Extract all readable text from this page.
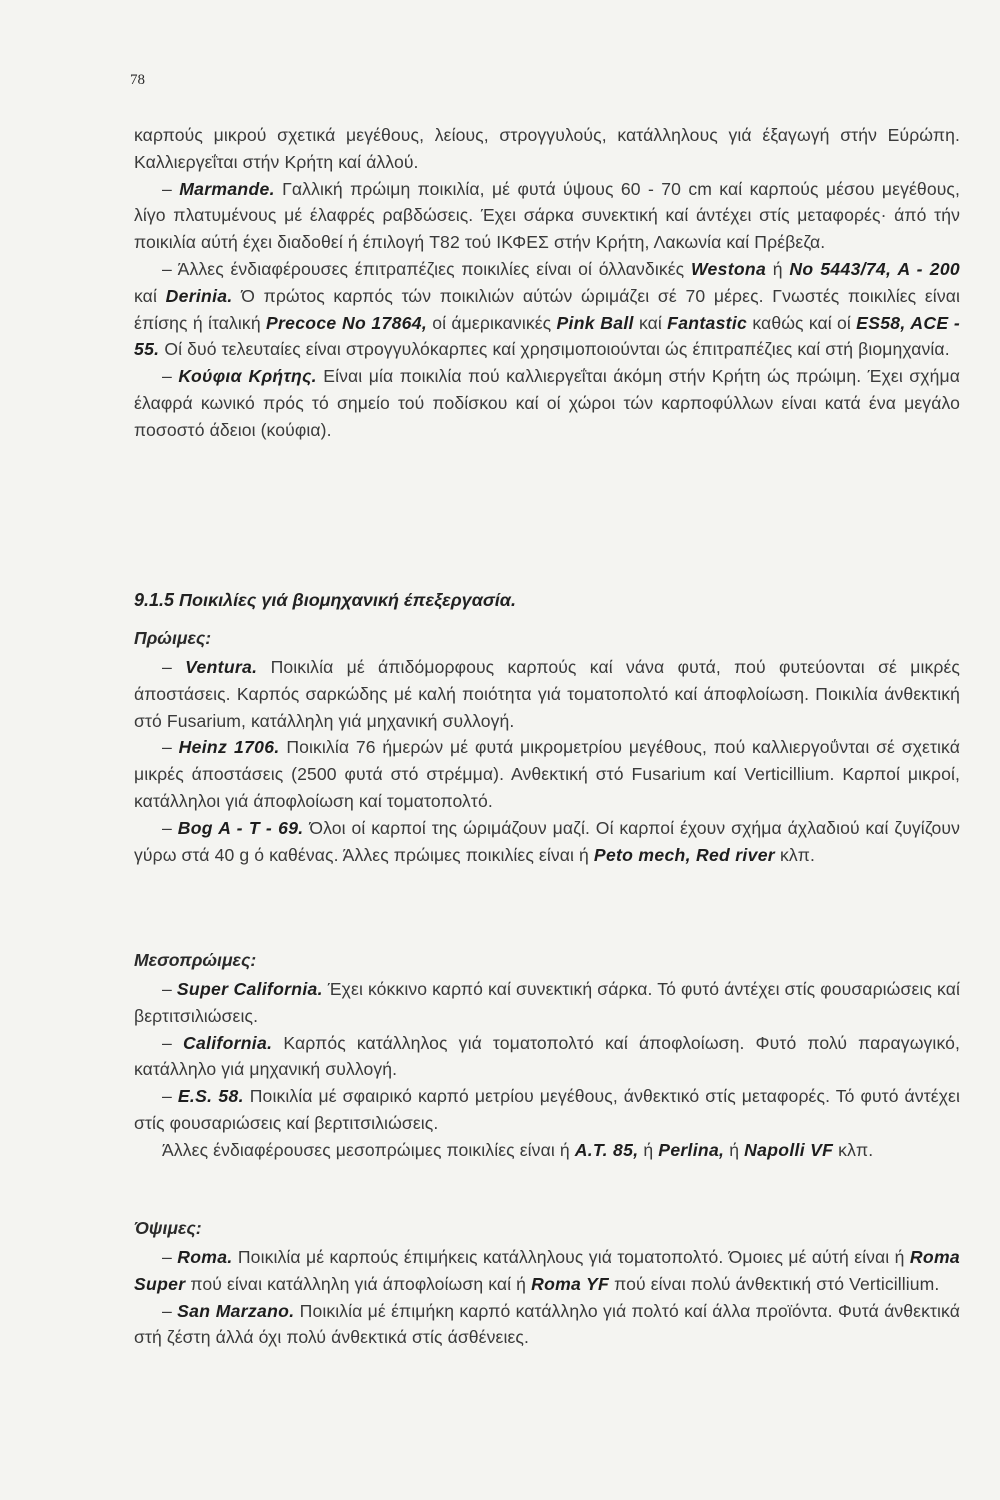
78

καρπούς μικρού σχετικά μεγέθους, λείους, στρογγυλούς, κατάλληλους γιά έξαγωγή στήν Εύρώπη. Καλλιεργεΐται στήν Κρήτη καί άλλού.

– Marmande. Γαλλική πρώιμη ποικιλία, μέ φυτά ύψους 60 - 70 cm καί καρπούς μέσου μεγέθους, λίγο πλατυμένους μέ έλαφρές ραβδώσεις. Έχει σάρκα συνεκτική καί άντέχει στίς μεταφορές· άπό τήν ποικιλία αύτή έχει διαδοθεί ή έπιλογή T82 τού ΙΚΦΕΣ στήν Κρήτη, Λακωνία καί Πρέβεζα.

– Άλλες ένδιαφέρουσες έπιτραπέζιες ποικιλίες είναι οί όλλανδικές Westona ή Νο 5443/74, Α - 200 καί Derinia. Ό πρώτος καρπός τών ποικιλιών αύτών ώριμάζει σέ 70 μέρες. Γνωστές ποικιλίες είναι έπίσης ή ίταλική Precoce No 17864, οί άμερικανικές Pink Ball καί Fantastic καθώς καί οί ES58, ACE - 55. Οί δυό τελευταίες είναι στρογγυλόκαρπες καί χρησιμοποιούνται ώς έπιτραπέζιες καί στή βιομηχανία.

– Κούφια Κρήτης. Είναι μία ποικιλία πού καλλιεργεΐται άκόμη στήν Κρήτη ώς πρώιμη. Έχει σχήμα έλαφρά κωνικό πρός τό σημείο τού ποδίσκου καί οί χώροι τών καρποφύλλων είναι κατά ένα μεγάλο ποσοστό άδειοι (κούφια).

9.1.5 Ποικιλίες γιά βιομηχανική έπεξεργασία.
Πρώιμες:

– Ventura. Ποικιλία μέ άπιδόμορφους καρπούς καί νάνα φυτά, πού φυτεύονται σέ μικρές άποστάσεις. Καρπός σαρκώδης μέ καλή ποιότητα γιά τοματοπολτό καί άποφλοίωση. Ποικιλία άνθεκτική στό Fusarium, κατάλληλη γιά μηχανική συλλογή.

– Heinz 1706. Ποικιλία 76 ήμερών μέ φυτά μικρομετρίου μεγέθους, πού καλλιεργοΰνται σέ σχετικά μικρές άποστάσεις (2500 φυτά στό στρέμμα). Ανθεκτική στό Fusarium καί Verticillium. Καρποί μικροί, κατάλληλοι γιά άποφλοίωση καί τοματοπολτό.

– Bog A - T - 69. Όλοι οί καρποί της ώριμάζουν μαζί. Οί καρποί έχουν σχήμα άχλαδιού καί ζυγίζουν γύρω στά 40 g ό καθένας. Άλλες πρώιμες ποικιλίες είναι ή Peto mech, Red river κλπ.

Μεσοπρώιμες:

– Super California. Έχει κόκκινο καρπό καί συνεκτική σάρκα. Τό φυτό άντέχει στίς φουσαριώσεις καί βερτιτσιλιώσεις.

– California. Καρπός κατάλληλος γιά τοματοπολτό καί άποφλοίωση. Φυτό πολύ παραγωγικό, κατάλληλο γιά μηχανική συλλογή.

– E.S. 58. Ποικιλία μέ σφαιρικό καρπό μετρίου μεγέθους, άνθεκτικό στίς μεταφορές. Τό φυτό άντέχει στίς φουσαριώσεις καί βερτιτσιλιώσεις.

Άλλες ένδιαφέρουσες μεσοπρώιμες ποικιλίες είναι ή A.T. 85, ή Perlina, ή Napolli VF κλπ.

Όψιμες:

– Roma. Ποικιλία μέ καρπούς έπιμήκεις κατάλληλους γιά τοματοπολτό. Όμοιες μέ αύτή είναι ή Roma Super πού είναι κατάλληλη γιά άποφλοίωση καί ή Roma YF πού είναι πολύ άνθεκτική στό Verticillium.

– San Marzano. Ποικιλία μέ έπιμήκη καρπό κατάλληλο γιά πολτό καί άλλα προϊόντα. Φυτά άνθεκτικά στή ζέστη άλλά όχι πολύ άνθεκτικά στίς άσθένειες.
